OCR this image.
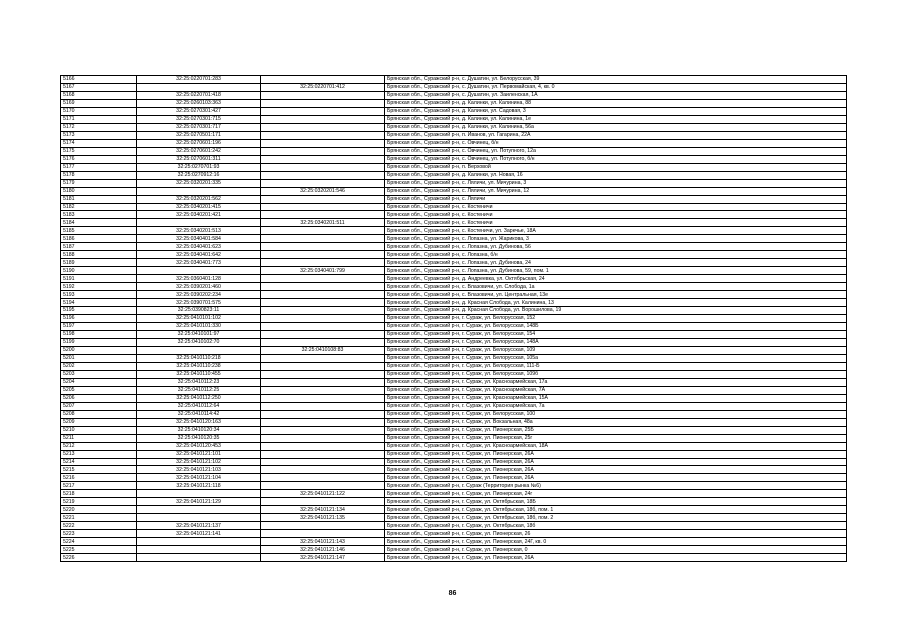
5166	32:25:0220701:283		Брянская обл., Суражский р-н, с. Душатин, ул. Белорусская, 39
5167		32:25:0220701:412	Брянская обл., Суражский р-н, с. Душатин, ул. Первомайская, 4, кв. 0
5168	32:25:0220701:418		Брянская обл., Суражский р-н, с. Душатин, ул. Заиленская, 1А
5169	32:25:0260103:363		Брянская обл., Суражский р-н, д. Калинки, ул. Калинина, 88
5170	32:25:0270301:427		Брянская обл., Суражский р-н, д. Калинки, ул. Садовая, 3
5171	32:25:0270301:715		Брянская обл., Суражский р-н, д. Калинки, ул. Калинина, 1е
5172	32:25:0270301:717		Брянская обл., Суражский р-н, д. Калинки, ул. Калинина, 56а
5173	32:25:0270501:171		Брянская обл., Суражский р-н, п. Иванов, ул. Гагарина, 22А
5174	32:25:0270601:196		Брянская обл., Суражский р-н, с. Овчинец, б/н
5175	32:25:0270601:242		Брянская обл., Суражский р-н, с. Овчинец, ул. Потупного, 12а
5176	32:25:0270601:311		Брянская обл., Суражский р-н, с. Овчинец, ул. Потупного, б/н
5177	32:25:0270701:93		Брянская обл., Суражский р-н, п. Верховой
5178	32:25:0270912:16		Брянская обл., Суражский р-н, д. Калинки, ул. Новая, 16
5179	32:25:0320201:335		Брянская обл., Суражский р-н, с. Ляличи, ул. Мичурина, 3
5180		32:25:0320201:546	Брянская обл., Суражский р-н, с. Ляличи, ул. Мичурина, 12
5181	32:25:0320201:562		Брянская обл., Суражский р-н, с. Ляличи
5182	32:25:0340201:415		Брянская обл., Суражский р-н, с. Костеничи
5183	32:25:0340201:421		Брянская обл., Суражский р-н, с. Костеничи
5184		32:25:0340201:511	Брянская обл., Суражский р-н, с. Костеничи
5185	32:25:0340201:513		Брянская обл., Суражский р-н, с. Костеничи, ул. Заречье, 18А
5186	32:25:0340401:584		Брянская обл., Суражский р-н, с. Лопазна, ул. Жарикова, 3
5187	32:25:0340401:623		Брянская обл., Суражский р-н, с. Лопазна, ул. Дубинова, 56
5188	32:25:0340401:642		Брянская обл., Суражский р-н, с. Лопазна, б/н
5189	32:25:0340401:773		Брянская обл., Суражский р-н, с. Лопазна, ул. Дубинова, 24
5190		32:25:0340401:799	Брянская обл., Суражский р-н, с. Лопазна, ул. Дубинова, 59, пом. 1
5191	32:25:0360401:128		Брянская обл., Суражский р-н, д. Андреевка, ул. Октябрьская, 24
5192	32:25:0390201:460		Брянская обл., Суражский р-н, с. Влазовичи, ул. Слобода, 1а
5193	32:25:0390202:234		Брянская обл., Суражский р-н, с. Влазовичи, ул. Центральная, 13е
5194	32:25:0390701:575		Брянская обл., Суражский р-н, д. Красная Слобода, ул. Калинина, 13
5195	32:25:0390823:11		Брянская обл., Суражский р-н, д. Красная Слобода, ул. Ворошилова, 19
5196	32:25:0410101:102		Брянская обл., Суражский р-н, г. Сураж, ул. Белорусская, 152
5197	32:25:0410101:330		Брянская обл., Суражский р-н, г. Сураж, ул. Белорусская, 148Б
5198	32:25:0410101:97		Брянская обл., Суражский р-н, г. Сураж, ул. Белорусская, 154
5199	32:25:0410102:70		Брянская обл., Суражский р-н, г. Сураж, ул. Белорусская, 148А
5200		32:25:0410108:83	Брянская обл., Суражский р-н, г. Сураж, ул. Белорусская, 109
5201	32:25:0410110:218		Брянская обл., Суражский р-н, г. Сураж, ул. Белорусская, 105а
5202	32:25:0410110:238		Брянская обл., Суражский р-н, г. Сураж, ул. Белорусская, 111-Б
5203	32:25:0410110:455		Брянская обл., Суражский р-н, г. Сураж, ул. Белорусская, 109б
5204	32:25:0410112:23		Брянская обл., Суражский р-н, г. Сураж, ул. Красноармейская, 17а
5205	32:25:0410112:25		Брянская обл., Суражский р-н, г. Сураж, ул. Красноармейская, 7А
5206	32:25:0410112:250		Брянская обл., Суражский р-н, г. Сураж, ул. Красноармейская, 15А
5207	32:25:0410112:64		Брянская обл., Суражский р-н, г. Сураж, ул. Красноармейская, 7а
5208	32:25:0410114:42		Брянская обл., Суражский р-н, г. Сураж, ул. Белорусская, 100
5209	32:25:0410120:163		Брянская обл., Суражский р-н, г. Сураж, ул. Вокзальная, 48а
5210	32:25:0410120:34		Брянская обл., Суражский р-н, г. Сураж, ул. Пионерская, 25Б
5211	32:25:0410120:35		Брянская обл., Суражский р-н, г. Сураж, ул. Пионерская, 25г
5212	32:25:0410120:453		Брянская обл., Суражский р-н, г. Сураж, ул. Красноармейская, 18А
5213	32:25:0410121:101		Брянская обл., Суражский р-н, г. Сураж, ул. Пионерская, 26А
5214	32:25:0410121:102		Брянская обл., Суражский р-н, г. Сураж, ул. Пионерская, 26А
5215	32:25:0410121:103		Брянская обл., Суражский р-н, г. Сураж, ул. Пионерская, 26А
5216	32:25:0410121:104		Брянская обл., Суражский р-н, г. Сураж, ул. Пионерская, 26А
5217	32:25:0410121:118		Брянская обл., Суражский р-н, г. Сураж (Территория рынка №6)
5218		32:25:0410121:122	Брянская обл., Суражский р-н, г. Сураж, ул. Пионерская, 24г
5219	32:25:0410121:129		Брянская обл., Суражский р-н, г. Сураж, ул. Октябрьская, 18Б
5220		32:25:0410121:134	Брянская обл., Суражский р-н, г. Сураж, ул. Октябрьская, 18б, пом. 1
5221		32:25:0410121:135	Брянская обл., Суражский р-н, г. Сураж, ул. Октябрьская, 18б, пом. 2
5222	32:25:0410121:137		Брянская обл., Суражский р-н, г. Сураж, ул. Октябрьская, 18б
5223	32:25:0410121:141		Брянская обл., Суражский р-н, г. Сураж, ул. Пионерская, 26
5224		32:25:0410121:143	Брянская обл., Суражский р-н, г. Сураж, ул. Пионерская, 24Г, кв. 0
5225		32:25:0410121:146	Брянская обл., Суражский р-н, г. Сураж, ул. Пионерская, 0
5226		32:25:0410121:147	Брянская обл., Суражский р-н, г. Сураж, ул. Пионерская, 26А
86
